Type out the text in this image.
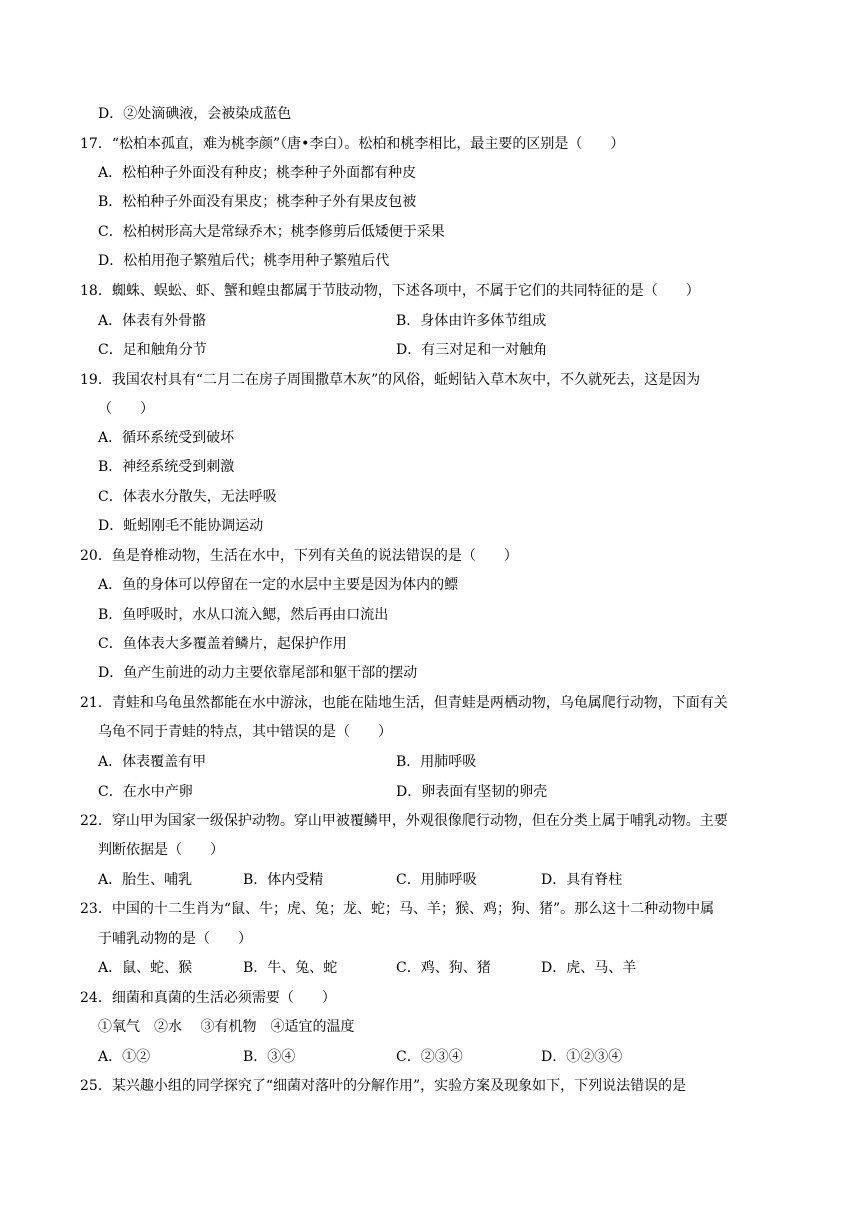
D．②处滴碘液，会被染成蓝色
17．“松柏本孤直，难为桃李颜”（唐•李白）。松柏和桃李相比，最主要的区别是（　　）
A．松柏种子外面没有种皮；桃李种子外面都有种皮
B．松柏种子外面没有果皮；桃李种子外有果皮包被
C．松柏树形高大是常绿乔木；桃李修剪后低矮便于采果
D．松柏用孢子繁殖后代；桃李用种子繁殖后代
18．蜘蛛、蜈蚣、虾、蟹和蝗虫都属于节肢动物，下述各项中，不属于它们的共同特征的是（　　）
A．体表有外骨骼	B．身体由许多体节组成
C．足和触角分节	D．有三对足和一对触角
19．我国农村具有“二月二在房子周围撒草木灰”的风俗，蚯蚓钻入草木灰中，不久就死去，这是因为
（　　）
A．循环系统受到破坏
B．神经系统受到刺激
C．体表水分散失，无法呼吸
D．蚯蚓刚毛不能协调运动
20．鱼是脊椎动物，生活在水中，下列有关鱼的说法错误的是（　　）
A．鱼的身体可以停留在一定的水层中主要是因为体内的鳔
B．鱼呼吸时，水从口流入鳃，然后再由口流出
C．鱼体表大多覆盖着鳞片，起保护作用
D．鱼产生前进的动力主要依靠尾部和躯干部的摆动
21．青蛙和乌龟虽然都能在水中游泳，也能在陆地生活，但青蛙是两栖动物，乌龟属爬行动物，下面有关
乌龟不同于青蛙的特点，其中错误的是（　　）
A．体表覆盖有甲	B．用肺呼吸
C．在水中产卵	D．卵表面有坚韧的卵壳
22．穿山甲为国家一级保护动物。穿山甲被覆鳞甲，外观很像爬行动物，但在分类上属于哺乳动物。主要
判断依据是（　　）
A．胎生、哺乳	B．体内受精	C．用肺呼吸	D．具有脊柱
23．中国的十二生肖为“鼠、牛；虎、兔；龙、蛇；马、羊；猴、鸡；狗、猪”。那么这十二种动物中属
于哺乳动物的是（　　）
A．鼠、蛇、猴	B．牛、兔、蛇	C．鸡、狗、猪	D．虎、马、羊
24．细菌和真菌的生活必须需要（　　）
①氧气　②水　 ③有机物　④适宜的温度
A．①②	B．③④	C．②③④	D．①②③④
25．某兴趣小组的同学探究了“细菌对落叶的分解作用”，实验方案及现象如下，下列说法错误的是
